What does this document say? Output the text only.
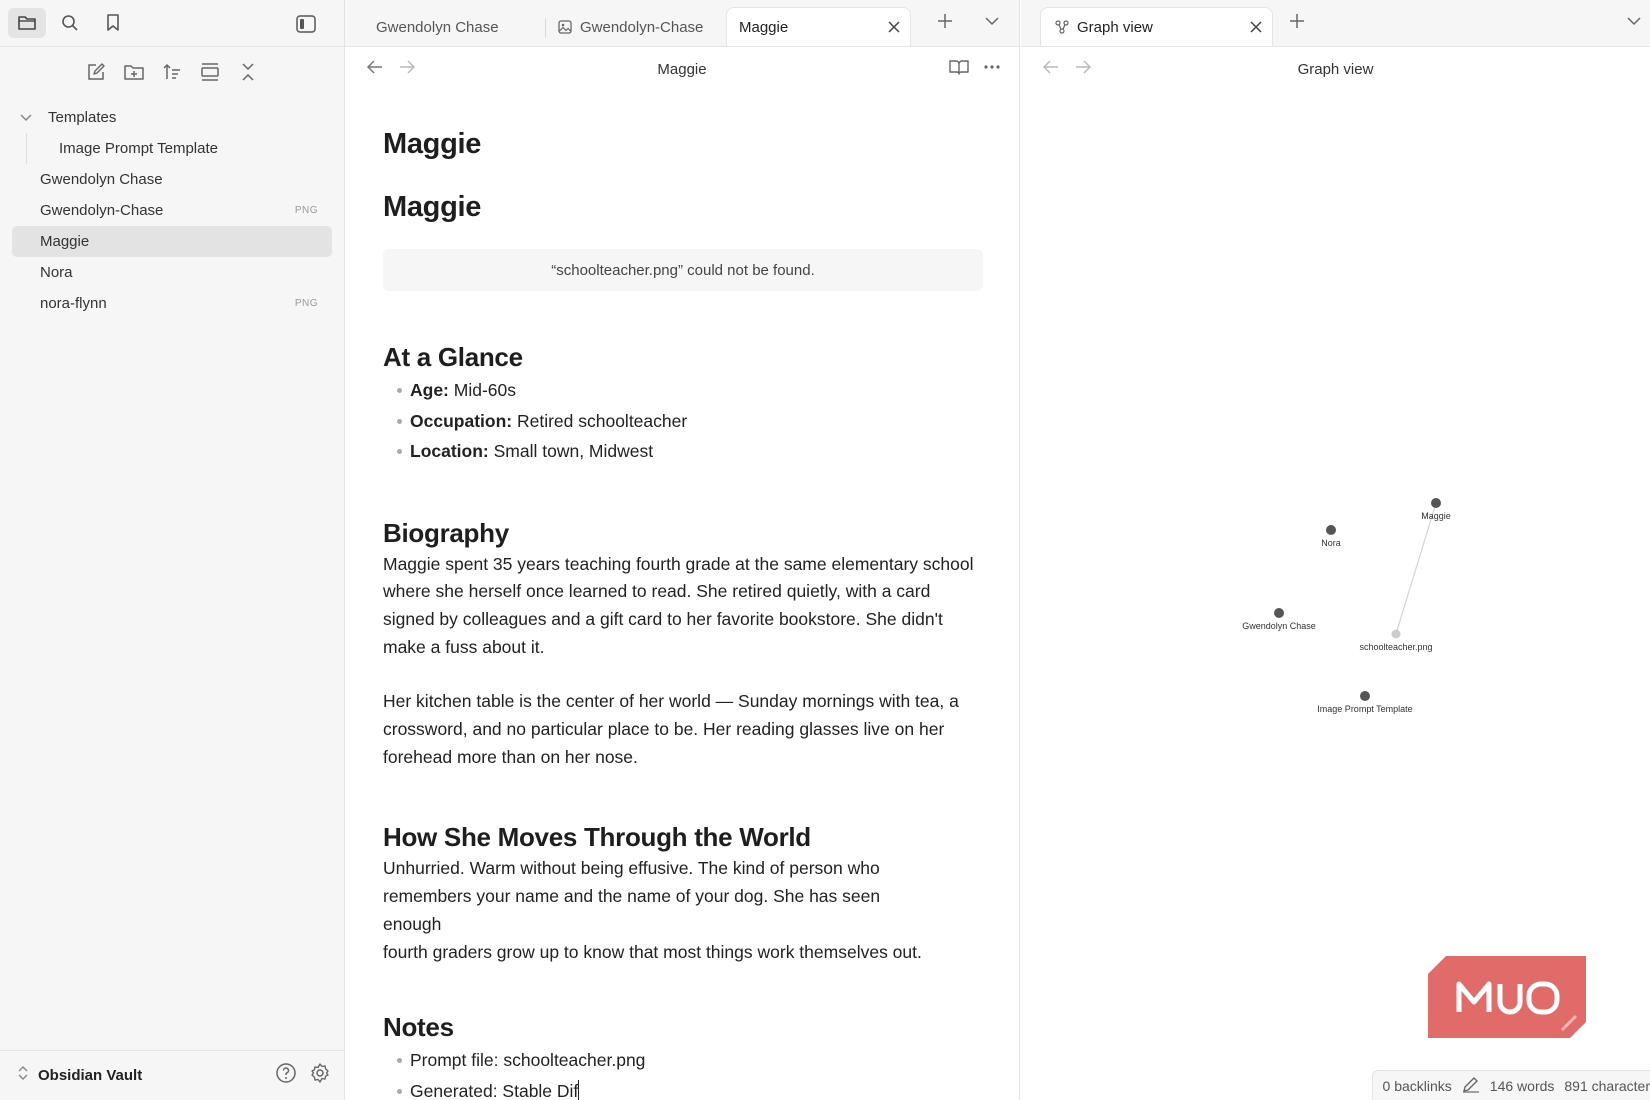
Templates
Image Prompt Template
Gwendolyn Chase
Gwendolyn-Chase	PNG
Maggie
Nora
nora-flynn	PNG
Obsidian Vault
Gwendolyn Chase	Gwendolyn-Chase Maggie
Maggie
Maggie
Maggie
“schoolteacher.png” could not be found.
At a Glance
Age: Mid-60s
Occupation: Retired schoolteacher
Location: Small town, Midwest
Biography

Maggie spent 35 years teaching fourth grade at the same elementary school where she herself once learned to read. She retired quietly, with a card signed by colleagues and a gift card to her favorite bookstore. She didn't make a fuss about it.

Her kitchen table is the center of her world — Sunday mornings with tea, a crossword, and no particular place to be. Her reading glasses live on her forehead more than on her nose.

How She Moves Through the World

Unhurried. Warm without being effusive. The kind of person who remembers your name and the name of your dog. She has seen enough

fourth graders grow up to know that most things work themselves out.

Notes
Prompt file: schoolteacher.png
Generated: Stable Dif
Graph view
Graph view
Maggie
Nora
Gwendolyn Chase
schoolteacher.png
Image Prompt Template
0 backlinks	146 words 891 character
